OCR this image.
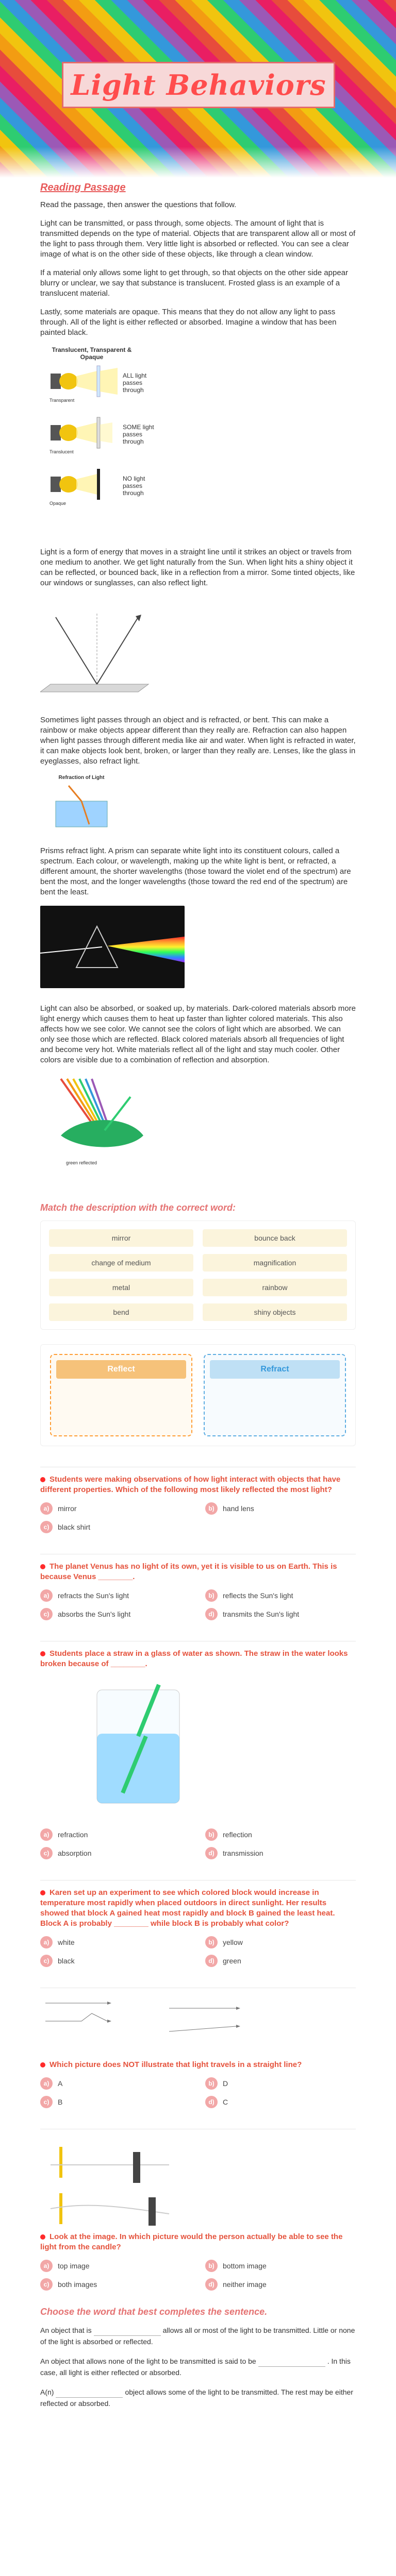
Light Behaviors
Reading Passage
Read the passage, then answer the questions that follow.
Light can be transmitted, or pass through, some objects. The amount of light that is transmitted depends on the type of material. Objects that are transparent allow all or most of the light to pass through them. Very little light is absorbed or reflected. You can see a clear image of what is on the other side of these objects, like through a clean window.
If a material only allows some light to get through, so that objects on the other side appear blurry or unclear, we say that substance is translucent. Frosted glass is an example of a translucent material.
Lastly, some materials are opaque. This means that they do not allow any light to pass through. All of the light is either reflected or absorbed. Imagine a window that has been painted black.
Translucent, Transparent & Opaque
ALL light passes through
SOME light passes through
NO light passes through
Transparent
Translucent
Opaque
Light is a form of energy that moves in a straight line until it strikes an object or travels from one medium to another. We get light naturally from the Sun. When light hits a shiny object it can be reflected, or bounced back, like in a reflection from a mirror. Some tinted objects, like our windows or sunglasses, can also reflect light.
Sometimes light passes through an object and is refracted, or bent. This can make a rainbow or make objects appear different than they really are. Refraction can also happen when light passes through different media like air and water. When light is refracted in water, it can make objects look bent, broken, or larger than they really are. Lenses, like the glass in eyeglasses, also refract light.
Refraction of Light
Prisms refract light. A prism can separate white light into its constituent colours, called a spectrum. Each colour, or wavelength, making up the white light is bent, or refracted, a different amount, the shorter wavelengths (those toward the violet end of the spectrum) are bent the most, and the longer wavelengths (those toward the red end of the spectrum) are bent the least.
Light can also be absorbed, or soaked up, by materials. Dark-colored materials absorb more light energy which causes them to heat up faster than lighter colored materials. This also affects how we see color. We cannot see the colors of light which are absorbed. We can only see those which are reflected. Black colored materials absorb all frequencies of light and become very hot. White materials reflect all of the light and stay much cooler. Other colors are visible due to a combination of reflection and absorption.
green reflected
Match the description with the correct word:
mirror	bounce back
change of medium	magnification
metal	rainbow
bend	shiny objects
Reflect	Refract
Students were making observations of how light interact with objects that have different properties. Which of the following most likely reflected the most light?
a)	mirror	b)	hand lens
c)	black shirt
The planet Venus has no light of its own, yet it is visible to us on Earth. This is because Venus ________.
a)	refracts the Sun's light	b)	reflects the Sun's light
c)	absorbs the Sun's light	d)	transmits the Sun's light
Students place a straw in a glass of water as shown. The straw in the water looks broken because of ________.
a)	refraction	b)	reflection
c)	absorption	d)	transmission
Karen set up an experiment to see which colored block would increase in temperature most rapidly when placed outdoors in direct sunlight. Her results showed that block A gained heat most rapidly and block B gained the least heat. Block A is probably ________ while block B is probably what color?
a)	white	b)	yellow
c)	black	d)	green
Which picture does NOT illustrate that light travels in a straight line?
a)	A	b)	D
c)	B	d)	C
Look at the image. In which picture would the person actually be able to see the light from the candle?
a)	top image	b)	bottom image
c)	both images	d)	neither image
Choose the word that best completes the sentence.
An object that is	allows all or most of the light to be transmitted. Little or none of the light is absorbed or reflected.
An object that allows none of the light to be transmitted is said to be	. In this case, all light is either reflected or absorbed.
A(n)	object allows some of the light to be transmitted. The rest may be either reflected or absorbed.
